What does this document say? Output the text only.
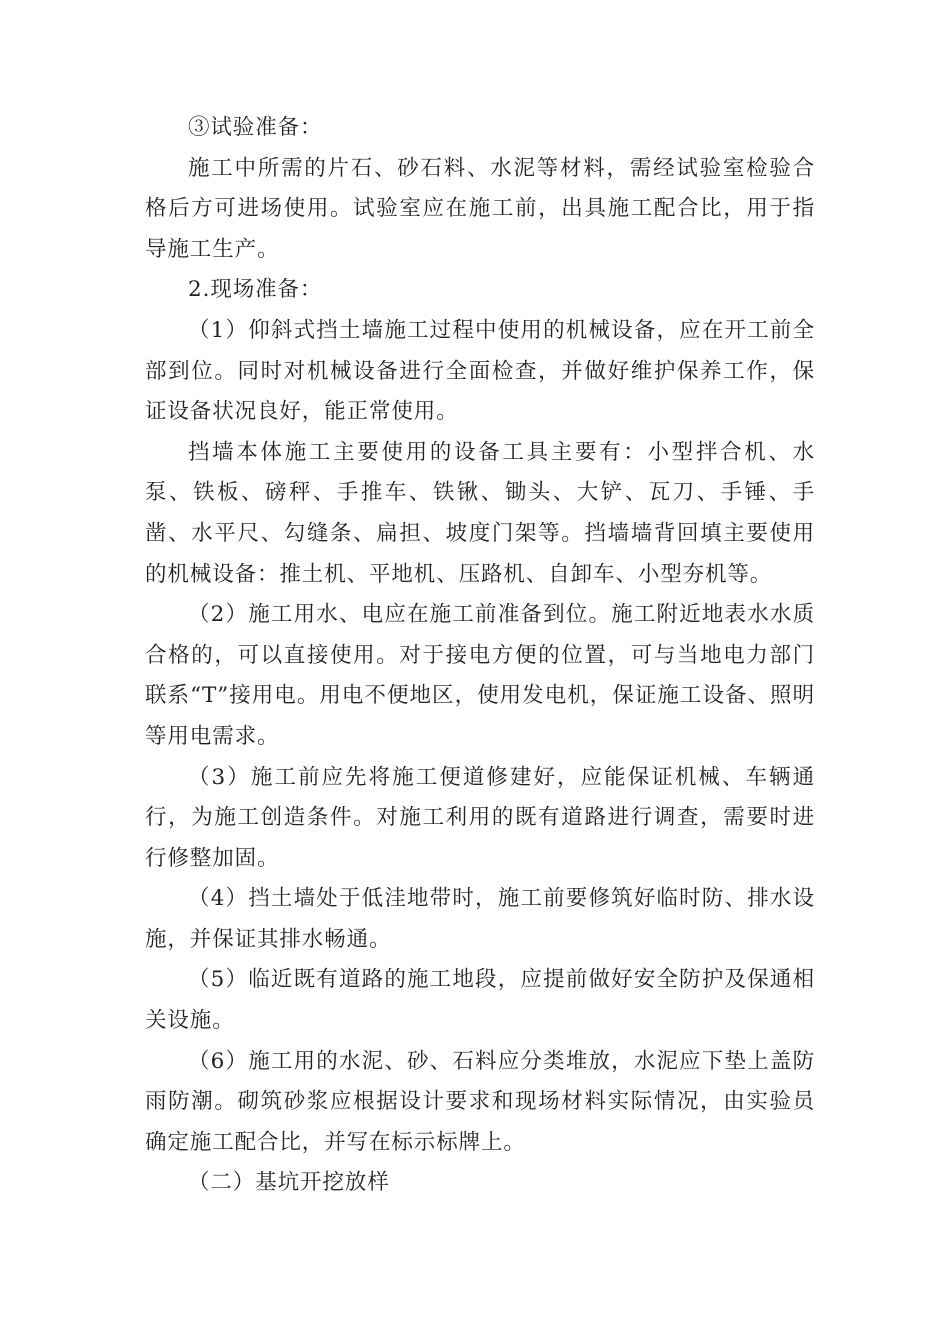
③试验准备：

施工中所需的片石、砂石料、水泥等材料，需经试验室检验合格后方可进场使用。试验室应在施工前，出具施工配合比，用于指导施工生产。

2.现场准备：

（1）仰斜式挡土墙施工过程中使用的机械设备，应在开工前全部到位。同时对机械设备进行全面检查，并做好维护保养工作，保证设备状况良好，能正常使用。

挡墙本体施工主要使用的设备工具主要有：小型拌合机、水泵、铁板、磅秤、手推车、铁锹、锄头、大铲、瓦刀、手锤、手凿、水平尺、勾缝条、扁担、坡度门架等。挡墙墙背回填主要使用的机械设备：推土机、平地机、压路机、自卸车、小型夯机等。

（2）施工用水、电应在施工前准备到位。施工附近地表水水质合格的，可以直接使用。对于接电方便的位置，可与当地电力部门联系“T”接用电。用电不便地区，使用发电机，保证施工设备、照明等用电需求。

（3）施工前应先将施工便道修建好，应能保证机械、车辆通行，为施工创造条件。对施工利用的既有道路进行调查，需要时进行修整加固。

（4）挡土墙处于低洼地带时，施工前要修筑好临时防、排水设施，并保证其排水畅通。

（5）临近既有道路的施工地段，应提前做好安全防护及保通相关设施。

（6）施工用的水泥、砂、石料应分类堆放，水泥应下垫上盖防雨防潮。砌筑砂浆应根据设计要求和现场材料实际情况，由实验员确定施工配合比，并写在标示标牌上。

（二）基坑开挖放样
